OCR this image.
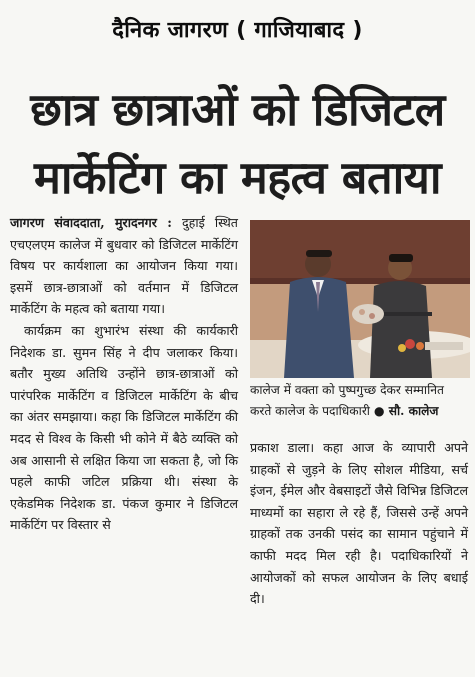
दैनिक जागरण ( गाजियाबाद )
छात्र छात्राओं को डिजिटल
मार्केटिंग का महत्व बताया

जागरण संवाददाता, मुरादनगर : दुहाई स्थित एचएलएम कालेज में बुधवार को डिजिटल मार्केटिंग विषय पर कार्यशाला का आयोजन किया गया। इसमें छात्र-छात्राओं को वर्तमान में डिजिटल मार्केटिंग के महत्व को बताया गया।

कार्यक्रम का शुभारंभ संस्था की कार्यकारी निदेशक डा. सुमन सिंह ने दीप जलाकर किया। बतौर मुख्य अतिथि उन्होंने छात्र-छात्राओं को पारंपरिक मार्केटिंग व डिजिटल मार्केटिंग के बीच का अंतर समझाया। कहा कि डिजिटल मार्केटिंग की मदद से विश्व के किसी भी कोने में बैठे व्यक्ति को अब आसानी से लक्षित किया जा सकता है, जो कि पहले काफी जटिल प्रक्रिया थी। संस्था के एकेडमिक निदेशक डा. पंकज कुमार ने डिजिटल मार्केटिंग पर विस्तार से

कालेज में वक्ता को पुष्पगुच्छ देकर सम्मानित करते कालेज के पदाधिकारी ● सौ. कालेज

प्रकाश डाला। कहा आज के व्यापारी अपने ग्राहकों से जुड़ने के लिए सोशल मीडिया, सर्च इंजन, ईमेल और वेबसाइटों जैसे विभिन्न डिजिटल माध्यमों का सहारा ले रहे हैं, जिससे उन्हें अपने ग्राहकों तक उनकी पसंद का सामान पहुंचाने में काफी मदद मिल रही है। पदाधिकारियों ने आयोजकों को सफल आयोजन के लिए बधाई दी।
